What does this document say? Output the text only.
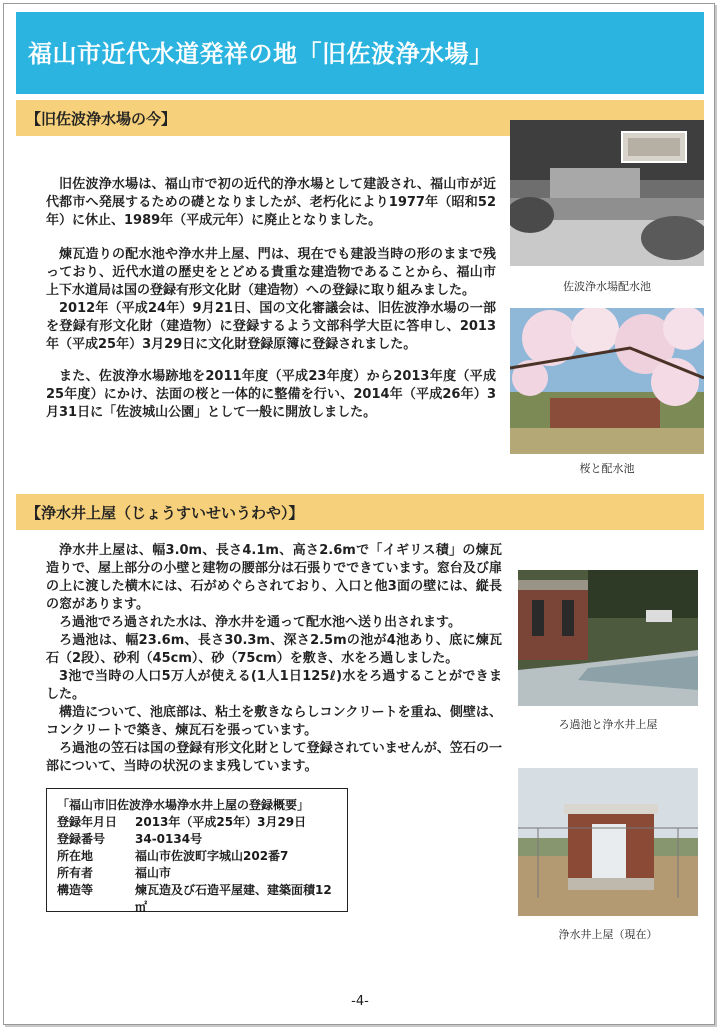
福山市近代水道発祥の地「旧佐波浄水場」
【旧佐波浄水場の今】

旧佐波浄水場は、福山市で初の近代的浄水場として建設され、福山市が近代都市へ発展するための礎となりましたが、老朽化により1977年（昭和52年）に休止、1989年（平成元年）に廃止となりました。

煉瓦造りの配水池や浄水井上屋、門は、現在でも建設当時の形のままで残っており、近代水道の歴史をとどめる貴重な建造物であることから、福山市上下水道局は国の登録有形文化財（建造物）への登録に取り組みました。

2012年（平成24年）9月21日、国の文化審議会は、旧佐波浄水場の一部を登録有形文化財（建造物）に登録するよう文部科学大臣に答申し、2013年（平成25年）3月29日に文化財登録原簿に登録されました。

また、佐波浄水場跡地を2011年度（平成23年度）から2013年度（平成25年度）にかけ、法面の桜と一体的に整備を行い、2014年（平成26年）3月31日に「佐波城山公園」として一般に開放しました。

佐波浄水場配水池
桜と配水池
【浄水井上屋（じょうすいせいうわや）】

浄水井上屋は、幅3.0m、長さ4.1m、高さ2.6mで「イギリス積」の煉瓦造りで、屋上部分の小壁と建物の腰部分は石張りでできています。窓台及び扉の上に渡した横木には、石がめぐらされており、入口と他3面の壁には、縦長の窓があります。

ろ過池でろ過された水は、浄水井を通って配水池へ送り出されます。

ろ過池は、幅23.6m、長さ30.3m、深さ2.5mの池が4池あり、底に煉瓦石（2段）、砂利（45cm）、砂（75cm）を敷き、水をろ過しました。

3池で当時の人口5万人が使える(1人1日125ℓ)水をろ過することができました。

構造について、池底部は、粘土を敷きならしコンクリートを重ね、側壁は、コンクリートで築き、煉瓦石を張っています。

ろ過池の笠石は国の登録有形文化財として登録されていませんが、笠石の一部について、当時の状況のまま残しています。

ろ過池と浄水井上屋
浄水井上屋（現在）
「福山市旧佐波浄水場浄水井上屋の登録概要」
登録年月日	2013年（平成25年）3月29日
登録番号	34-0134号
所在地	福山市佐波町字城山202番7
所有者	福山市
構造等	煉瓦造及び石造平屋建、建築面積12㎡
-4-
